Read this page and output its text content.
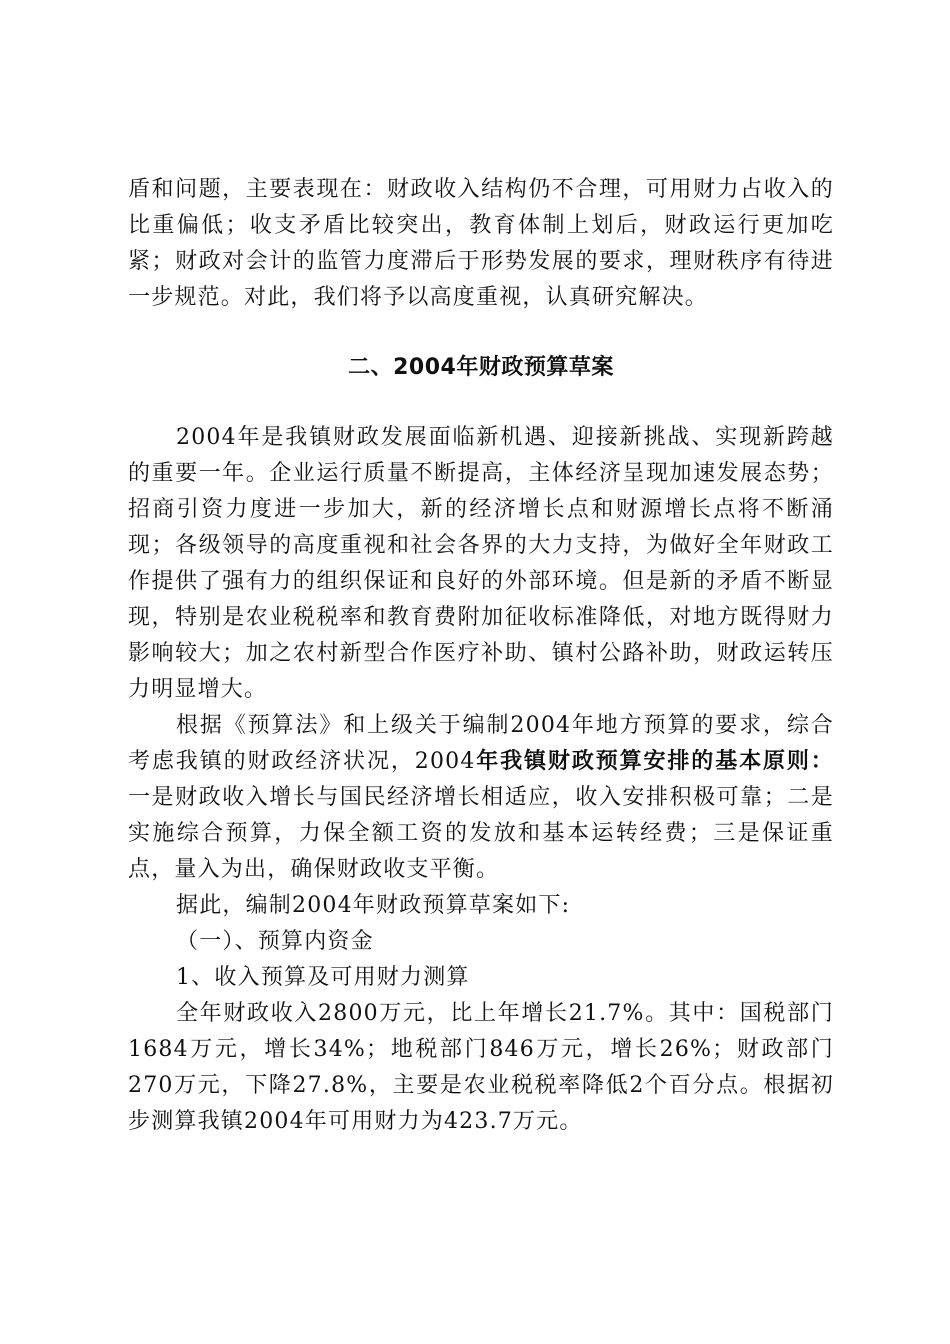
盾和问题，主要表现在：财政收入结构仍不合理，可用财力占收入的比重偏低；收支矛盾比较突出，教育体制上划后，财政运行更加吃紧；财政对会计的监管力度滞后于形势发展的要求，理财秩序有待进一步规范。对此，我们将予以高度重视，认真研究解决。

二、2004年财政预算草案

2004年是我镇财政发展面临新机遇、迎接新挑战、实现新跨越的重要一年。企业运行质量不断提高，主体经济呈现加速发展态势；招商引资力度进一步加大，新的经济增长点和财源增长点将不断涌现；各级领导的高度重视和社会各界的大力支持，为做好全年财政工作提供了强有力的组织保证和良好的外部环境。但是新的矛盾不断显现，特别是农业税税率和教育费附加征收标准降低，对地方既得财力影响较大；加之农村新型合作医疗补助、镇村公路补助，财政运转压力明显增大。

根据《预算法》和上级关于编制2004年地方预算的要求，综合考虑我镇的财政经济状况，2004年我镇财政预算安排的基本原则：一是财政收入增长与国民经济增长相适应，收入安排积极可靠；二是实施综合预算，力保全额工资的发放和基本运转经费；三是保证重点，量入为出，确保财政收支平衡。

据此，编制2004年财政预算草案如下:

（一）、预算内资金

1、收入预算及可用财力测算

全年财政收入2800万元，比上年增长21.7%。其中：国税部门1684万元，增长34%；地税部门846万元，增长26%；财政部门270万元，下降27.8%，主要是农业税税率降低2个百分点。根据初步测算我镇2004年可用财力为423.7万元。
